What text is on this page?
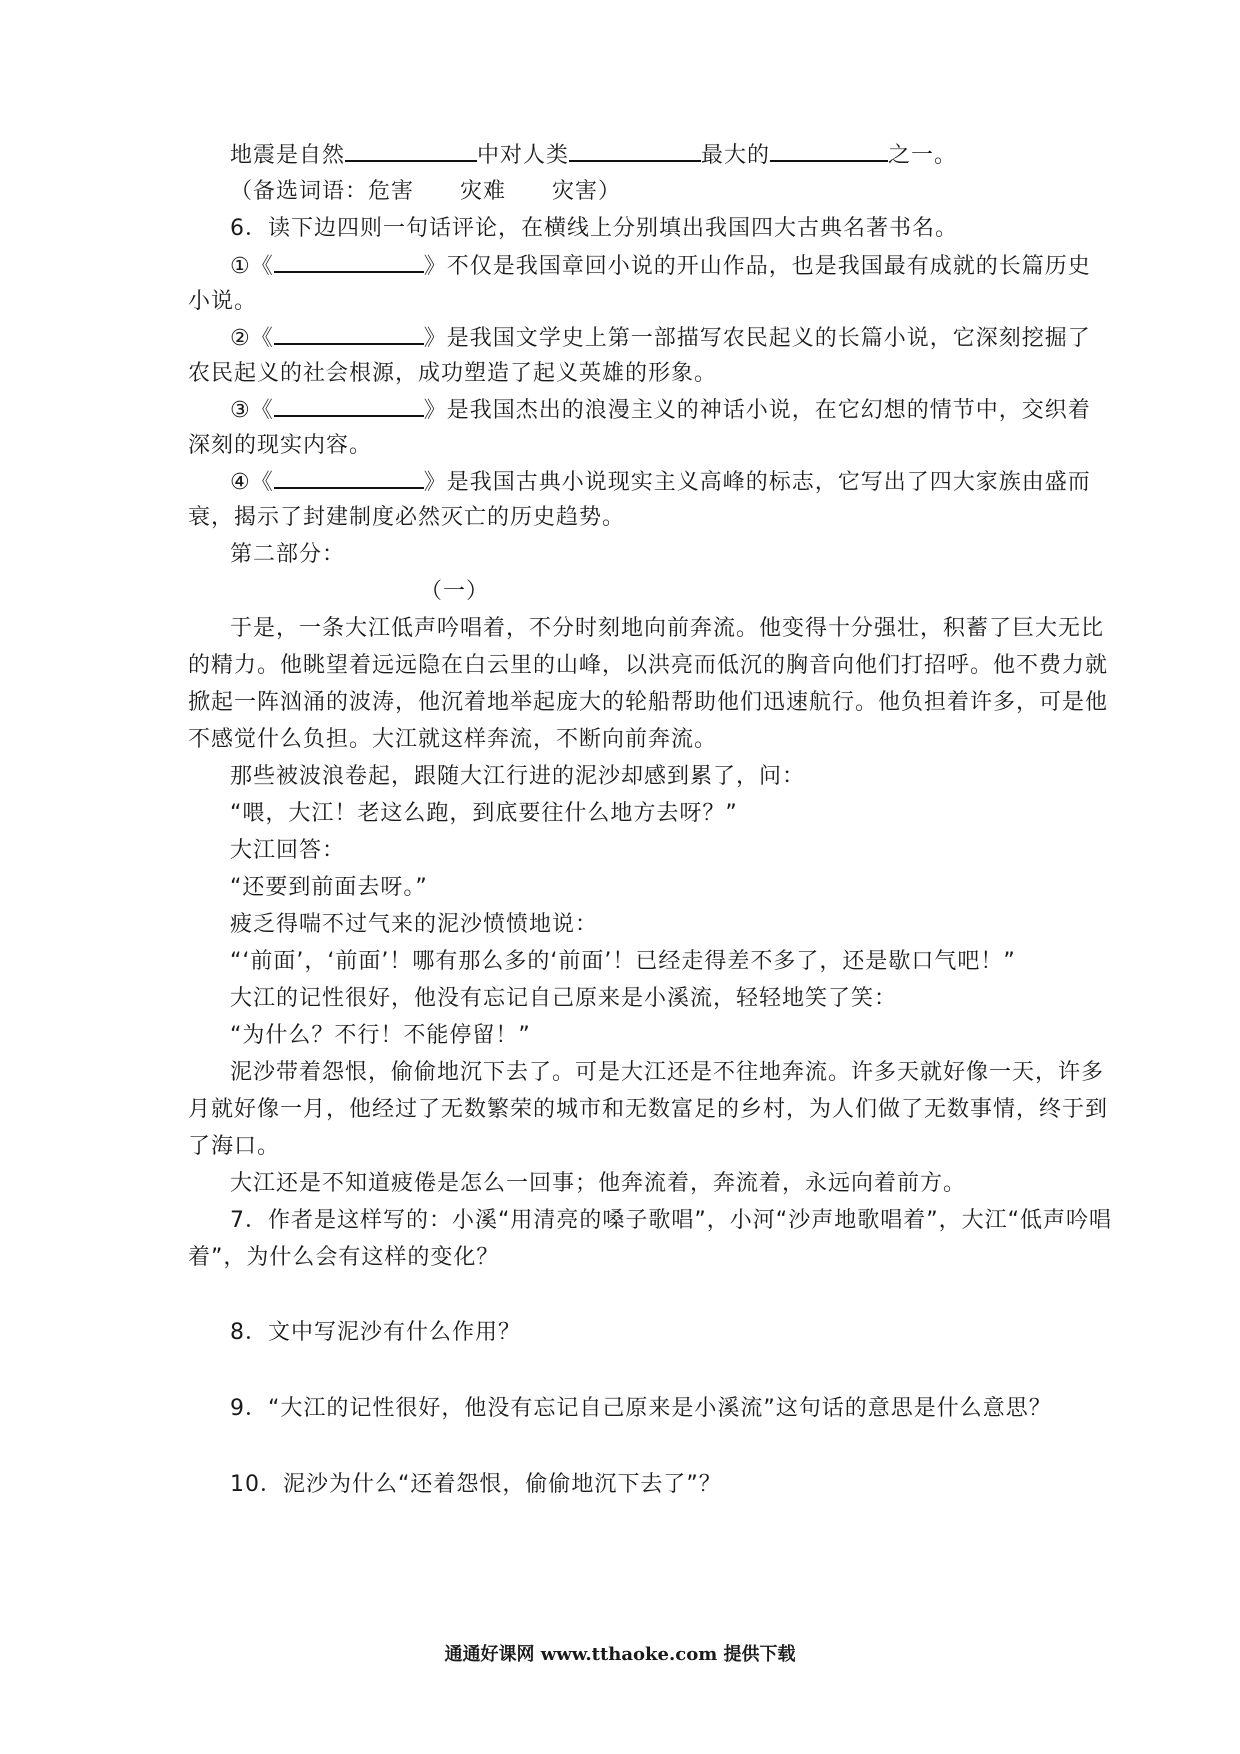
地震是自然	中对人类	最大的	之一。
（备选词语：危害　　灾难　　灾害）
6．读下边四则一句话评论，在横线上分别填出我国四大古典名著书名。
①《	》不仅是我国章回小说的开山作品，也是我国最有成就的长篇历史
小说。
②《	》是我国文学史上第一部描写农民起义的长篇小说，它深刻挖掘了
农民起义的社会根源，成功塑造了起义英雄的形象。
③《	》是我国杰出的浪漫主义的神话小说，在它幻想的情节中，交织着
深刻的现实内容。
④《	》是我国古典小说现实主义高峰的标志，它写出了四大家族由盛而
衰，揭示了封建制度必然灭亡的历史趋势。
第二部分：
（一）
于是，一条大江低声吟唱着，不分时刻地向前奔流。他变得十分强壮，积蓄了巨大无比
的精力。他眺望着远远隐在白云里的山峰，以洪亮而低沉的胸音向他们打招呼。他不费力就
掀起一阵汹涌的波涛，他沉着地举起庞大的轮船帮助他们迅速航行。他负担着许多，可是他
不感觉什么负担。大江就这样奔流，不断向前奔流。
那些被波浪卷起，跟随大江行进的泥沙却感到累了，问：
“喂，大江！老这么跑，到底要往什么地方去呀？”
大江回答：
“还要到前面去呀。”
疲乏得喘不过气来的泥沙愤愤地说：
“‘前面’，‘前面’！哪有那么多的‘前面’！已经走得差不多了，还是歇口气吧！”
大江的记性很好，他没有忘记自己原来是小溪流，轻轻地笑了笑：
“为什么？不行！不能停留！”
泥沙带着怨恨，偷偷地沉下去了。可是大江还是不往地奔流。许多天就好像一天，许多
月就好像一月，他经过了无数繁荣的城市和无数富足的乡村，为人们做了无数事情，终于到
了海口。
大江还是不知道疲倦是怎么一回事；他奔流着，奔流着，永远向着前方。
7．作者是这样写的：小溪“用清亮的嗓子歌唱”，小河“沙声地歌唱着”，大江“低声吟唱
着”，为什么会有这样的变化？
8．文中写泥沙有什么作用？
9．“大江的记性很好，他没有忘记自己原来是小溪流”这句话的意思是什么意思？
10．泥沙为什么“还着怨恨，偷偷地沉下去了”？
通通好课网 www.tthaoke.com 提供下载
